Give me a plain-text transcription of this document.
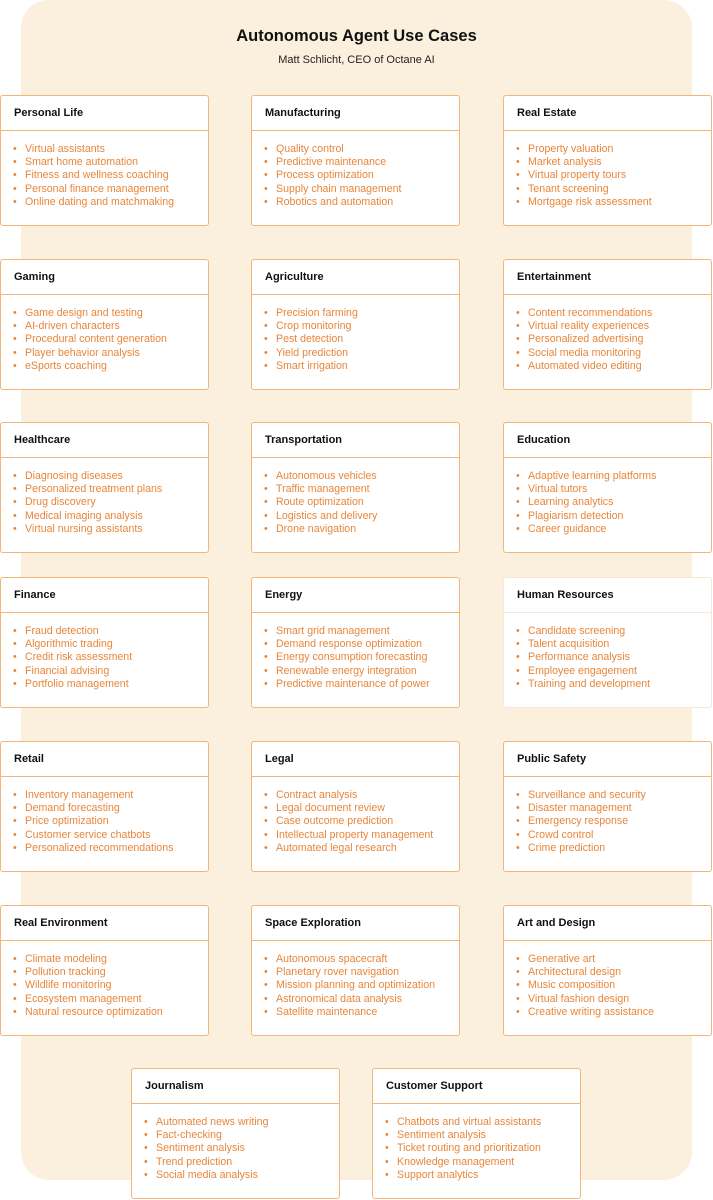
Autonomous Agent Use Cases
Matt Schlicht, CEO of Octane AI
Personal Life
• Virtual assistants
• Smart home automation
• Fitness and wellness coaching
• Personal finance management
• Online dating and matchmaking
Manufacturing
• Quality control
• Predictive maintenance
• Process optimization
• Supply chain management
• Robotics and automation
Real Estate
• Property valuation
• Market analysis
• Virtual property tours
• Tenant screening
• Mortgage risk assessment
Gaming
• Game design and testing
• AI-driven characters
• Procedural content generation
• Player behavior analysis
• eSports coaching
Agriculture
• Precision farming
• Crop monitoring
• Pest detection
• Yield prediction
• Smart irrigation
Entertainment
• Content recommendations
• Virtual reality experiences
• Personalized advertising
• Social media monitoring
• Automated video editing
Healthcare
• Diagnosing diseases
• Personalized treatment plans
• Drug discovery
• Medical imaging analysis
• Virtual nursing assistants
Transportation
• Autonomous vehicles
• Traffic management
• Route optimization
• Logistics and delivery
• Drone navigation
Education
• Adaptive learning platforms
• Virtual tutors
• Learning analytics
• Plagiarism detection
• Career guidance
Finance
• Fraud detection
• Algorithmic trading
• Credit risk assessment
• Financial advising
• Portfolio management
Energy
• Smart grid management
• Demand response optimization
• Energy consumption forecasting
• Renewable energy integration
• Predictive maintenance of power
Human Resources
• Candidate screening
• Talent acquisition
• Performance analysis
• Employee engagement
• Training and development
Retail
• Inventory management
• Demand forecasting
• Price optimization
• Customer service chatbots
• Personalized recommendations
Legal
• Contract analysis
• Legal document review
• Case outcome prediction
• Intellectual property management
• Automated legal research
Public Safety
• Surveillance and security
• Disaster management
• Emergency response
• Crowd control
• Crime prediction
Real Environment
• Climate modeling
• Pollution tracking
• Wildlife monitoring
• Ecosystem management
• Natural resource optimization
Space Exploration
• Autonomous spacecraft
• Planetary rover navigation
• Mission planning and optimization
• Astronomical data analysis
• Satellite maintenance
Art and Design
• Generative art
• Architectural design
• Music composition
• Virtual fashion design
• Creative writing assistance
Journalism
• Automated news writing
• Fact-checking
• Sentiment analysis
• Trend prediction
• Social media analysis
Customer Support
• Chatbots and virtual assistants
• Sentiment analysis
• Ticket routing and prioritization
• Knowledge management
• Support analytics
